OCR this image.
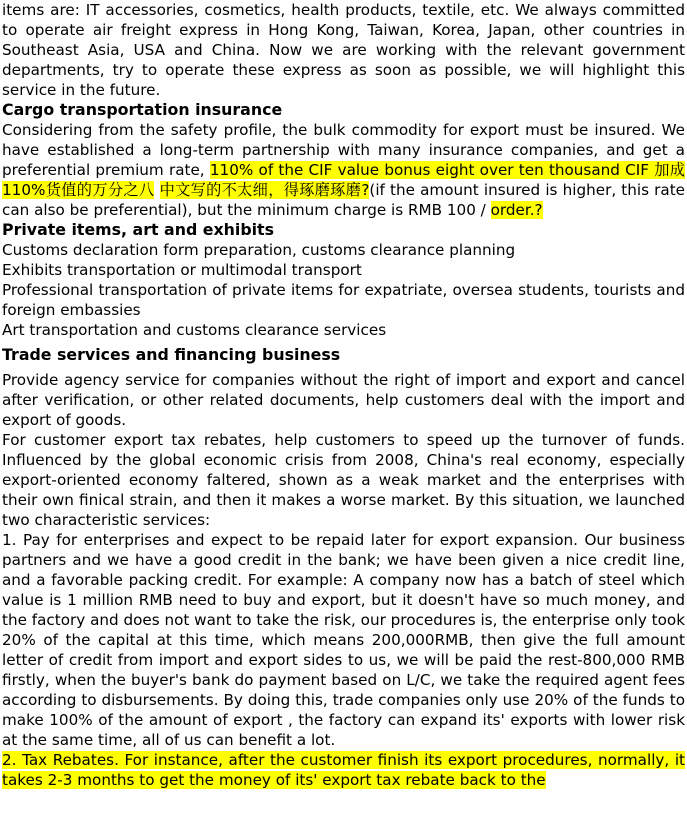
items are: IT accessories, cosmetics, health products, textile, etc. We always committed to operate air freight express in Hong Kong, Taiwan, Korea, Japan, other countries in Southeast Asia, USA and China. Now we are working with the relevant government departments, try to operate these express as soon as possible, we will highlight this service in the future.

Cargo transportation insurance

Considering from the safety profile, the bulk commodity for export must be insured. We have established a long-term partnership with many insurance companies, and get a preferential premium rate, 110% of the CIF value bonus eight over ten thousand CIF 加成 110%货值的万分之八 中文写的不太细，得琢磨琢磨?(if the amount insured is higher, this rate can also be preferential), but the minimum charge is RMB 100 / order.?

Private items, art and exhibits

Customs declaration form preparation, customs clearance planning

Exhibits transportation or multimodal transport

Professional transportation of private items for expatriate, oversea students, tourists and foreign embassies

Art transportation and customs clearance services

Trade services and financing business

Provide agency service for companies without the right of import and export and cancel after verification, or other related documents, help customers deal with the import and export of goods.

For customer export tax rebates, help customers to speed up the turnover of funds. Influenced by the global economic crisis from 2008, China's real economy, especially export-oriented economy faltered, shown as a weak market and the enterprises with their own finical strain, and then it makes a worse market. By this situation, we launched two characteristic services:

1. Pay for enterprises and expect to be repaid later for export expansion. Our business partners and we have a good credit in the bank; we have been given a nice credit line, and a favorable packing credit. For example: A company now has a batch of steel which value is 1 million RMB need to buy and export, but it doesn't have so much money, and the factory and does not want to take the risk, our procedures is, the enterprise only took 20% of the capital at this time, which means 200,000RMB, then give the full amount letter of credit from import and export sides to us, we will be paid the rest-800,000 RMB firstly, when the buyer's bank do payment based on L/C, we take the required agent fees according to disbursements. By doing this, trade companies only use 20% of the funds to make 100% of the amount of export , the factory can expand its' exports with lower risk at the same time, all of us can benefit a lot.

2. Tax Rebates. For instance, after the customer finish its export procedures, normally, it takes 2-3 months to get the money of its' export tax rebate back to the
